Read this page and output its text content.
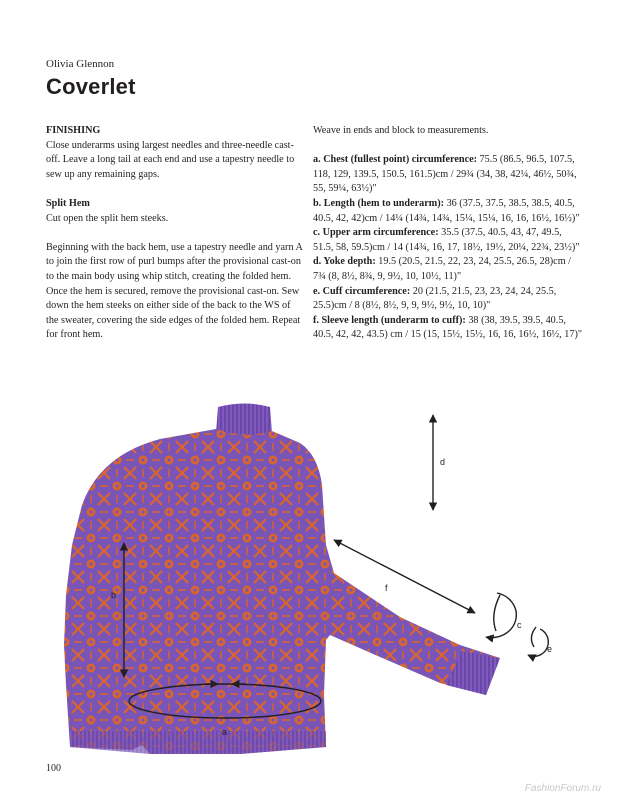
Olivia Glennon
Coverlet

FINISHING

Close underarms using largest needles and three-needle cast-off. Leave a long tail at each end and use a tapestry needle to sew up any remaining gaps.

Split Hem

Cut open the split hem steeks.

Beginning with the back hem, use a tapestry needle and yarn A to join the first row of purl bumps after the provisional cast-on to the main body using whip stitch, creating the folded hem. Once the hem is secured, remove the provisional cast-on. Sew down the hem steeks on either side of the back to the WS of the sweater, covering the side edges of the folded hem. Repeat for front hem.

Weave in ends and block to measurements.

a. Chest (fullest point) circumference: 75.5 (86.5, 96.5, 107.5, 118, 129, 139.5, 150.5, 161.5)cm / 29¾ (34, 38, 42¼, 46½, 50¾, 55, 59¼, 63½)"

b. Length (hem to underarm): 36 (37.5, 37.5, 38.5, 38.5, 40.5, 40.5, 42, 42)cm / 14¼ (14¾, 14¾, 15¼, 15¼, 16, 16, 16½, 16½)"

c. Upper arm circumference: 35.5 (37.5, 40.5, 43, 47, 49.5, 51.5, 58, 59.5)cm / 14 (14¾, 16, 17, 18½, 19½, 20¼, 22¾, 23½)"

d. Yoke depth: 19.5 (20.5, 21.5, 22, 23, 24, 25.5, 26.5, 28)cm / 7¾ (8, 8½, 8¾, 9, 9½, 10, 10½, 11)"

e. Cuff circumference: 20 (21.5, 21.5, 23, 23, 24, 24, 25.5, 25.5)cm / 8 (8½, 8½, 9, 9, 9½, 9½, 10, 10)"

f. Sleeve length (underarm to cuff): 38 (38, 39.5, 39.5, 40.5, 40.5, 42, 42, 43.5) cm / 15 (15, 15½, 15½, 16, 16, 16½, 16½, 17)"

d
b
f
c
e
a
100
FashionForum.ru
